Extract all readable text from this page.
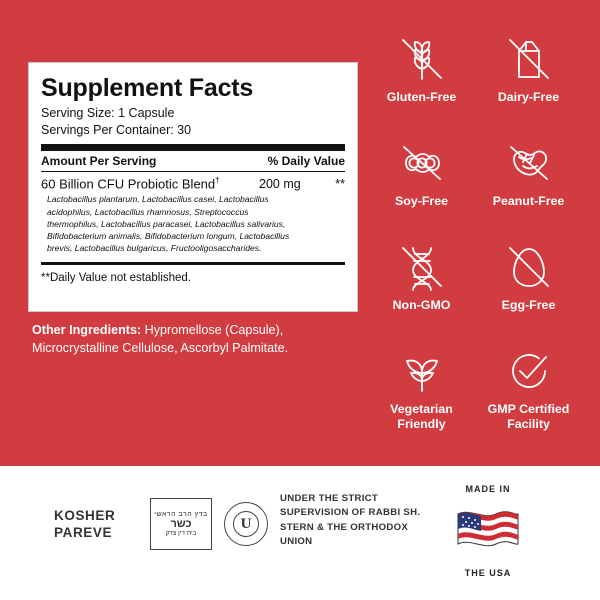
Supplement Facts
Serving Size: 1 Capsule
Servings Per Container: 30
Amount Per Serving	% Daily Value
60 Billion CFU Probiotic Blend†	200 mg	**
Lactobacillus plantarum, Lactobacillus casei, Lactobacillus acidophilus, Lactobacillus rhamnosus, Streptococcus thermophilus, Lactobacillus paracasei, Lactobacillus salivarius, Bifidobacterium animalis, Bifidobacterium longum, Lactobacillus brevis, Lactobacillus bulgaricus, Fructooligosaccharides.
**Daily Value not established.
Other Ingredients: Hypromellose (Capsule), Microcrystalline Cellulose, Ascorbyl Palmitate.
Gluten-Free	Dairy-Free
Soy-Free	Peanut-Free
Non-GMO	Egg-Free
Vegetarian Friendly
GMP Certified Facility
KOSHER PAREVE
בדץ הרב הראשי
כשר
בית דין צדק
U
UNDER THE STRICT SUPERVISION OF RABBI SH. STERN & THE ORTHODOX UNION
MADE IN
THE USA
